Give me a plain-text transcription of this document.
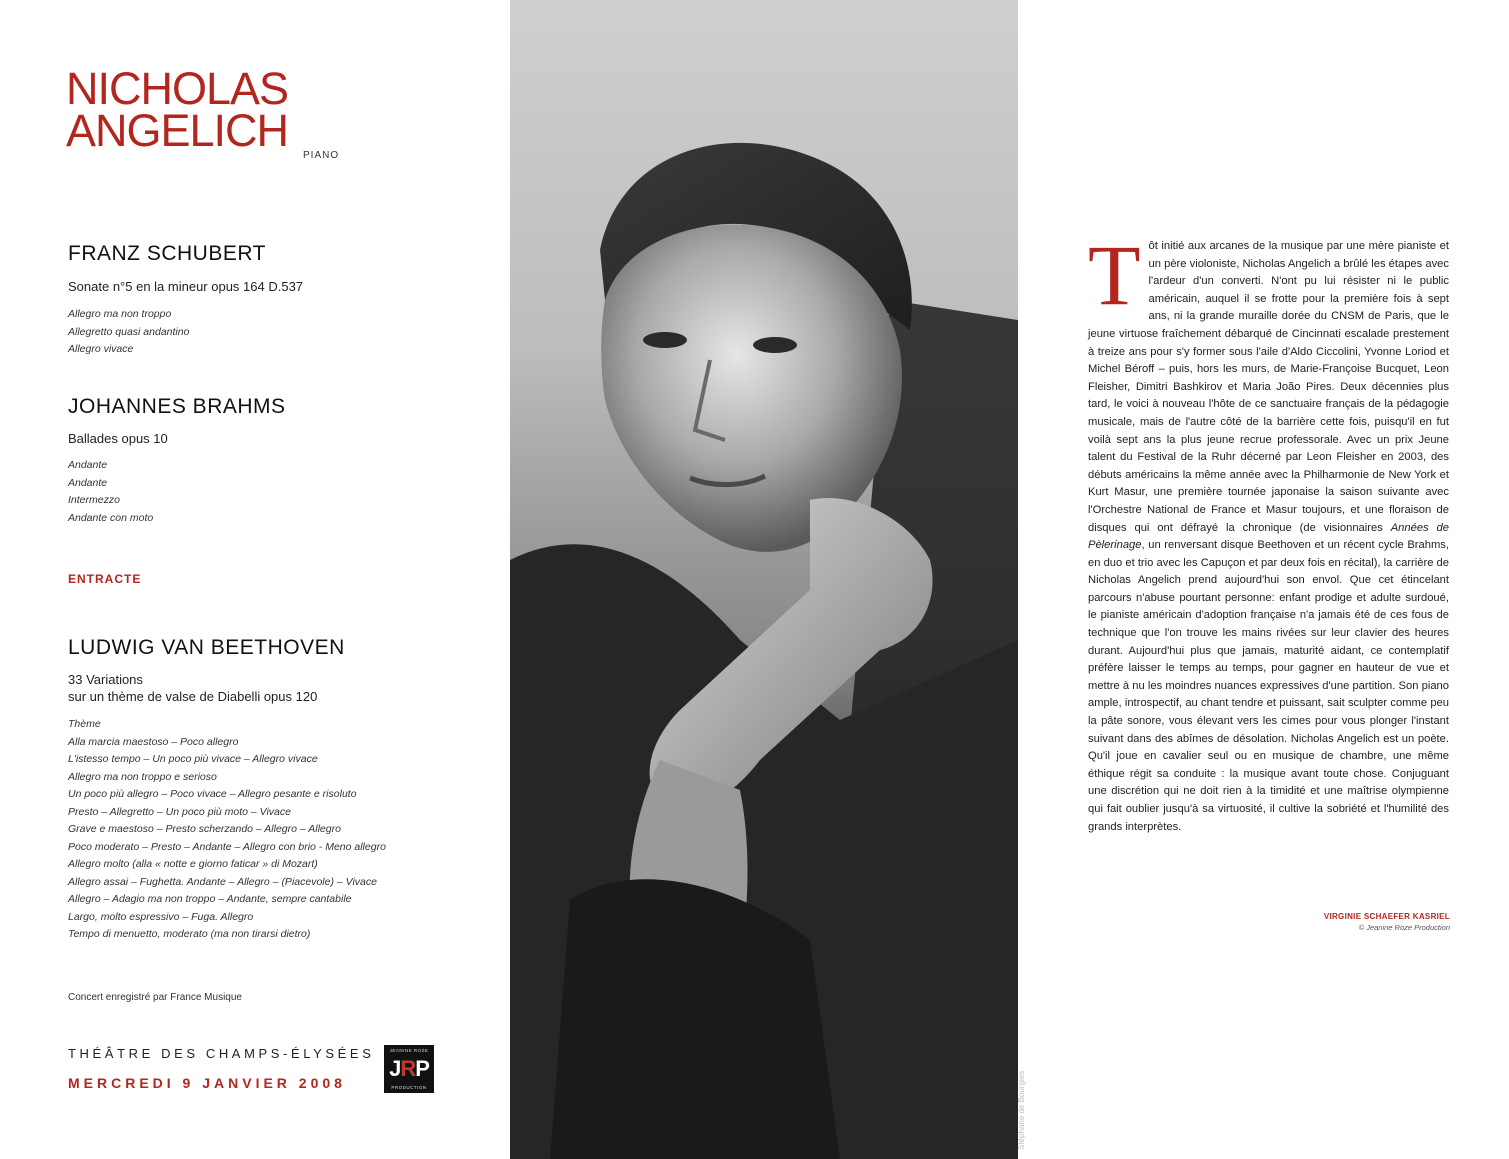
NICHOLAS
ANGELICH PIANO
FRANZ SCHUBERT
Sonate n°5 en la mineur opus 164 D.537
Allegro ma non troppo
Allegretto quasi andantino
Allegro vivace
JOHANNES BRAHMS
Ballades opus 10
Andante
Andante
Intermezzo
Andante con moto
ENTRACTE
LUDWIG VAN BEETHOVEN
33 Variations
sur un thème de valse de Diabelli opus 120
Thème
Alla marcia maestoso – Poco allegro
L'istesso tempo – Un poco più vivace – Allegro vivace
Allegro ma non troppo e serioso
Un poco più allegro – Poco vivace – Allegro pesante e risoluto
Presto – Allegretto – Un poco più moto – Vivace
Grave e maestoso – Presto scherzando – Allegro – Allegro
Poco moderato – Presto – Andante – Allegro con brio - Meno allegro
Allegro molto (alla « notte e giorno faticar » di Mozart)
Allegro assai – Fughetta. Andante – Allegro – (Piacevole) – Vivace
Allegro – Adagio ma non troppo – Andante, sempre cantabile
Largo, molto espressivo – Fuga. Allegro
Tempo di menuetto, moderato (ma non tirarsi dietro)
Concert enregistré par France Musique
THÉÂTRE DES CHAMPS-ÉLYSÉES
MERCREDI 9 JANVIER 2008
JEANINE ROZE
JRP
PRODUCTION	Stéphane de Bourgies
Tôt initié aux arcanes de la musique par une mère pianiste et un père violoniste, Nicholas Angelich a brûlé les étapes avec l'ardeur d'un converti. N'ont pu lui résister ni le public américain, auquel il se frotte pour la première fois à sept ans, ni la grande muraille dorée du CNSM de Paris, que le jeune virtuose fraîchement débarqué de Cincinnati escalade prestement à treize ans pour s'y former sous l'aile d'Aldo Ciccolini, Yvonne Loriod et Michel Béroff – puis, hors les murs, de Marie-Françoise Bucquet, Leon Fleisher, Dimitri Bashkirov et Maria João Pires. Deux décennies plus tard, le voici à nouveau l'hôte de ce sanctuaire français de la pédagogie musicale, mais de l'autre côté de la barrière cette fois, puisqu'il en fut voilà sept ans la plus jeune recrue professorale. Avec un prix Jeune talent du Festival de la Ruhr décerné par Leon Fleisher en 2003, des débuts américains la même année avec la Philharmonie de New York et Kurt Masur, une première tournée japonaise la saison suivante avec l'Orchestre National de France et Masur toujours, et une floraison de disques qui ont défrayé la chronique (de visionnaires Années de Pèlerinage, un renversant disque Beethoven et un récent cycle Brahms, en duo et trio avec les Capuçon et par deux fois en récital), la carrière de Nicholas Angelich prend aujourd'hui son envol. Que cet étincelant parcours n'abuse pourtant personne: enfant prodige et adulte surdoué, le pianiste américain d'adoption française n'a jamais été de ces fous de technique que l'on trouve les mains rivées sur leur clavier des heures durant. Aujourd'hui plus que jamais, maturité aidant, ce contemplatif préfère laisser le temps au temps, pour gagner en hauteur de vue et mettre à nu les moindres nuances expressives d'une partition. Son piano ample, introspectif, au chant tendre et puissant, sait sculpter comme peu la pâte sonore, vous élevant vers les cimes pour vous plonger l'instant suivant dans des abîmes de désolation. Nicholas Angelich est un poète. Qu'il joue en cavalier seul ou en musique de chambre, une même éthique régit sa conduite : la musique avant toute chose. Conjuguant une discrétion qui ne doit rien à la timidité et une maîtrise olympienne qui fait oublier jusqu'à sa virtuosité, il cultive la sobriété et l'humilité des grands interprètes.
VIRGINIE SCHAEFER KASRIEL
© Jeanine Roze Production
